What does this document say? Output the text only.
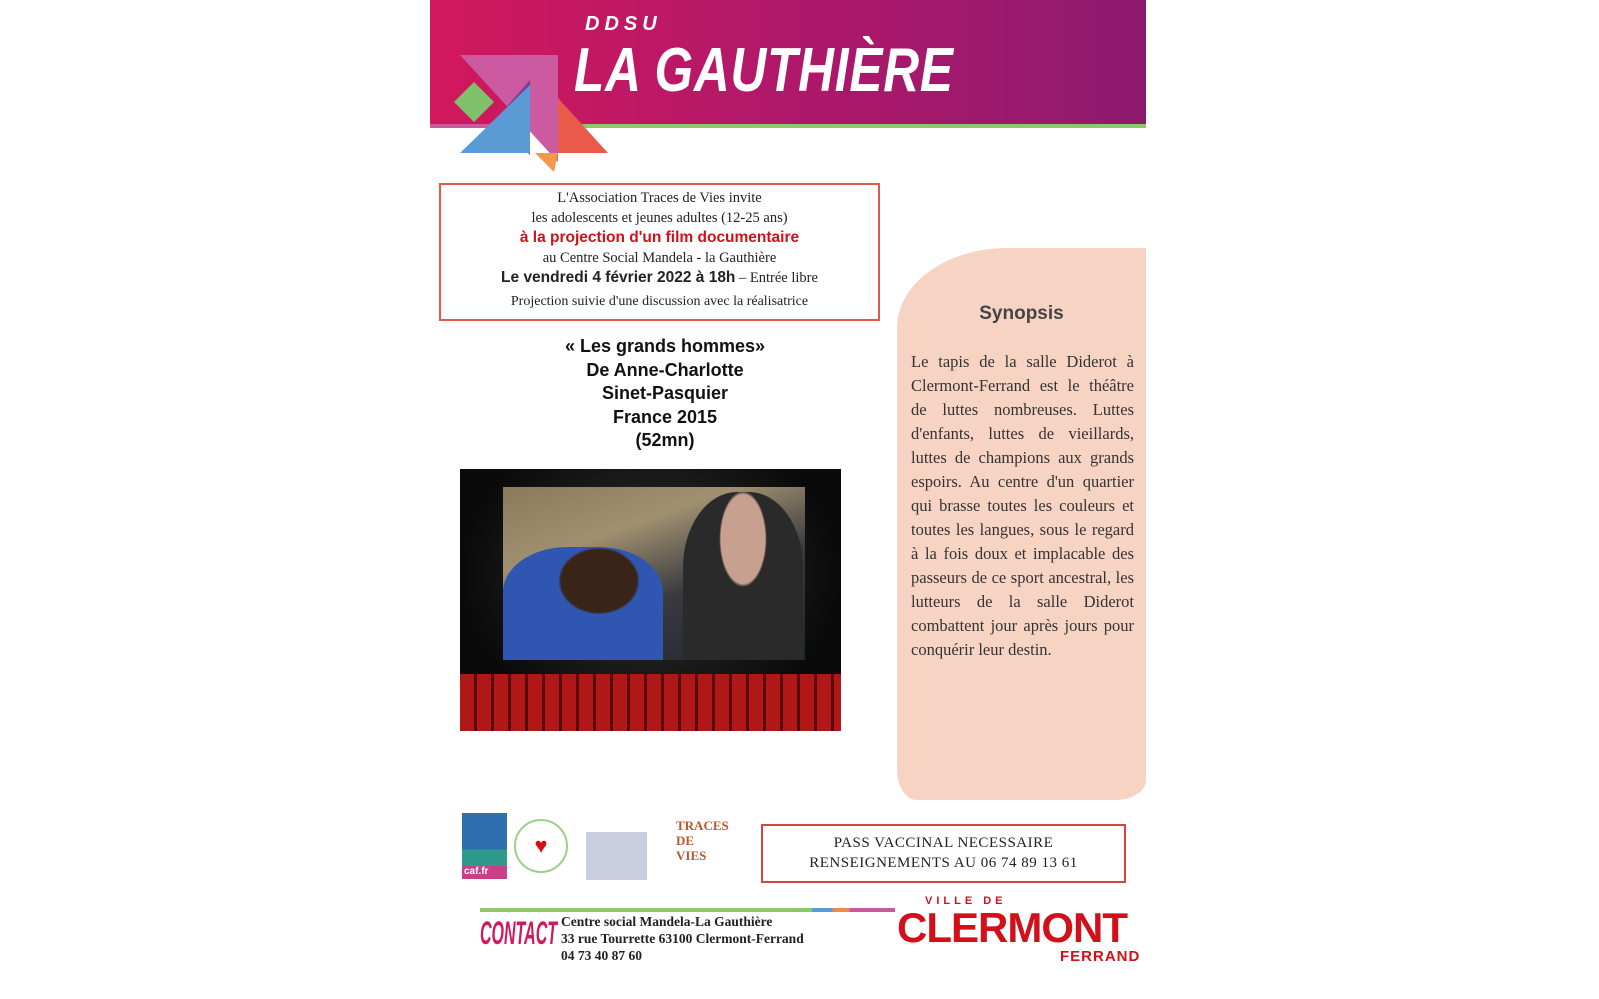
DDSU
LA GAUTHIÈRE
L'Association Traces de Vies invite
les adolescents et jeunes adultes (12-25 ans)
à la projection d'un film documentaire
au Centre Social Mandela - la Gauthière
Le vendredi 4 février 2022 à 18h – Entrée libre
Projection suivie d'une discussion avec la réalisatrice
« Les grands hommes»
De Anne-Charlotte
Sinet-Pasquier
France 2015
(52mn)
Synopsis
Le tapis de la salle Diderot à Clermont-Ferrand est le théâtre de luttes nombreuses. Luttes d'enfants, luttes de vieillards, luttes de champions aux grands espoirs. Au centre d'un quartier qui brasse toutes les couleurs et toutes les langues, sous le regard à la fois doux et implacable des passeurs de ce sport ancestral, les lutteurs de la salle Diderot combattent jour après jours pour conquérir leur destin.
caf.fr
♥
TRACES DE VIES
PASS VACCINAL NECESSAIRE
RENSEIGNEMENTS AU 06 74 89 13 61
CONTACT Centre social Mandela-La Gauthière
33 rue Tourrette 63100 Clermont-Ferrand
04 73 40 87 60
VILLE DE
CLERMONT
FERRAND
